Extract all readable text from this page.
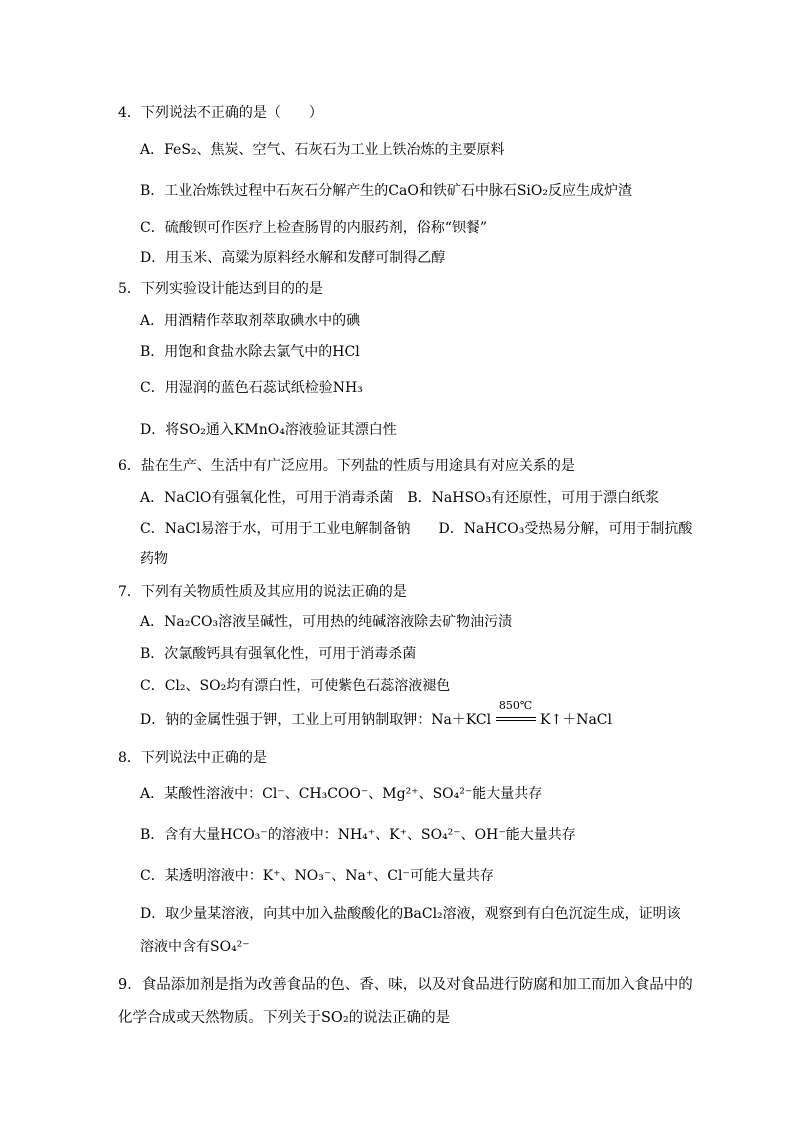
4．下列说法不正确的是（　　）
A．FeS₂、焦炭、空气、石灰石为工业上铁冶炼的主要原料
B．工业冶炼铁过程中石灰石分解产生的CaO和铁矿石中脉石SiO₂反应生成炉渣
C．硫酸钡可作医疗上检查肠胃的内服药剂，俗称“钡餐”
D．用玉米、高粱为原料经水解和发酵可制得乙醇
5．下列实验设计能达到目的的是
A．用酒精作萃取剂萃取碘水中的碘
B．用饱和食盐水除去氯气中的HCl
C．用湿润的蓝色石蕊试纸检验NH₃
D．将SO₂通入KMnO₄溶液验证其漂白性
6．盐在生产、生活中有广泛应用。下列盐的性质与用途具有对应关系的是
A．NaClO有强氧化性，可用于消毒杀菌　B．NaHSO₃有还原性，可用于漂白纸浆
C．NaCl易溶于水，可用于工业电解制备钠　　D．NaHCO₃受热易分解，可用于制抗酸
药物
7．下列有关物质性质及其应用的说法正确的是
A．Na₂CO₃溶液呈碱性，可用热的纯碱溶液除去矿物油污渍
B．次氯酸钙具有强氧化性，可用于消毒杀菌
C．Cl₂、SO₂均有漂白性，可使紫色石蕊溶液褪色
D．钠的金属性强于钾，工业上可用钠制取钾：Na＋KCl
850℃
K↑＋NaCl
8．下列说法中正确的是
A．某酸性溶液中：Cl⁻、CH₃COO⁻、Mg²⁺、SO₄²⁻能大量共存
B．含有大量HCO₃⁻的溶液中：NH₄⁺、K⁺、SO₄²⁻、OH⁻能大量共存
C．某透明溶液中：K⁺、NO₃⁻、Na⁺、Cl⁻可能大量共存
D．取少量某溶液，向其中加入盐酸酸化的BaCl₂溶液，观察到有白色沉淀生成，证明该
溶液中含有SO₄²⁻
9．食品添加剂是指为改善食品的色、香、味，以及对食品进行防腐和加工而加入食品中的
化学合成或天然物质。下列关于SO₂的说法正确的是
